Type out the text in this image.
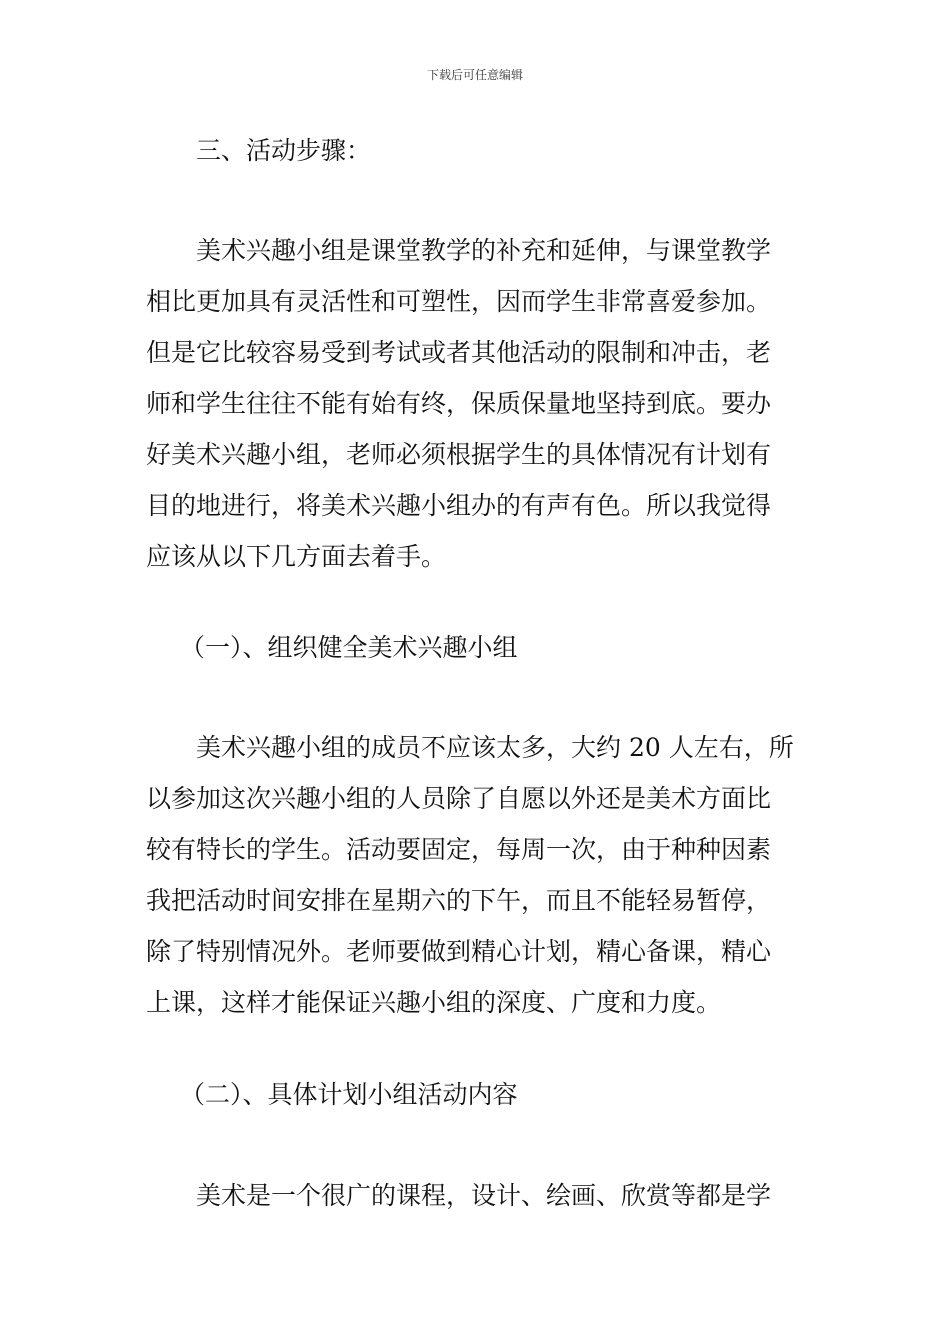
下载后可任意编辑
三、活动步骤：
美术兴趣小组是课堂教学的补充和延伸，与课堂教学
相比更加具有灵活性和可塑性，因而学生非常喜爱参加。
但是它比较容易受到考试或者其他活动的限制和冲击，老
师和学生往往不能有始有终，保质保量地坚持到底。要办
好美术兴趣小组，老师必须根据学生的具体情况有计划有
目的地进行，将美术兴趣小组办的有声有色。所以我觉得
应该从以下几方面去着手。
（一）、组织健全美术兴趣小组
美术兴趣小组的成员不应该太多，大约 20 人左右，所
以参加这次兴趣小组的人员除了自愿以外还是美术方面比
较有特长的学生。活动要固定，每周一次，由于种种因素
我把活动时间安排在星期六的下午，而且不能轻易暂停，
除了特别情况外。老师要做到精心计划，精心备课，精心
上课，这样才能保证兴趣小组的深度、广度和力度。
（二）、具体计划小组活动内容
美术是一个很广的课程，设计、绘画、欣赏等都是学
